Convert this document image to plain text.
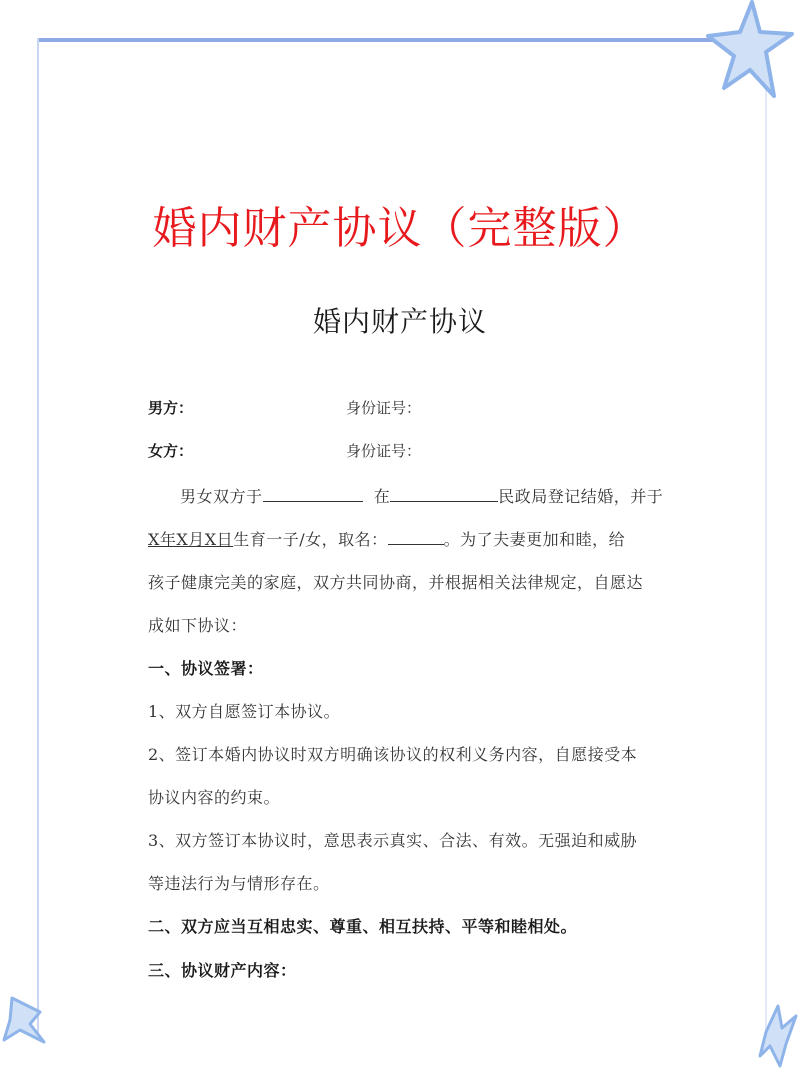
婚内财产协议（完整版）
婚内财产协议
男方：	身份证号：
女方：	身份证号：
男女双方于	在	民政局登记结婚，并于
X年X月X日生育一子/女，取名：	。为了夫妻更加和睦，给
孩子健康完美的家庭，双方共同协商，并根据相关法律规定，自愿达
成如下协议：
一、协议签署：
1、双方自愿签订本协议。
2、签订本婚内协议时双方明确该协议的权利义务内容，自愿接受本
协议内容的约束。
3、双方签订本协议时，意思表示真实、合法、有效。无强迫和威胁
等违法行为与情形存在。
二、双方应当互相忠实、尊重、相互扶持、平等和睦相处。
三、协议财产内容：
